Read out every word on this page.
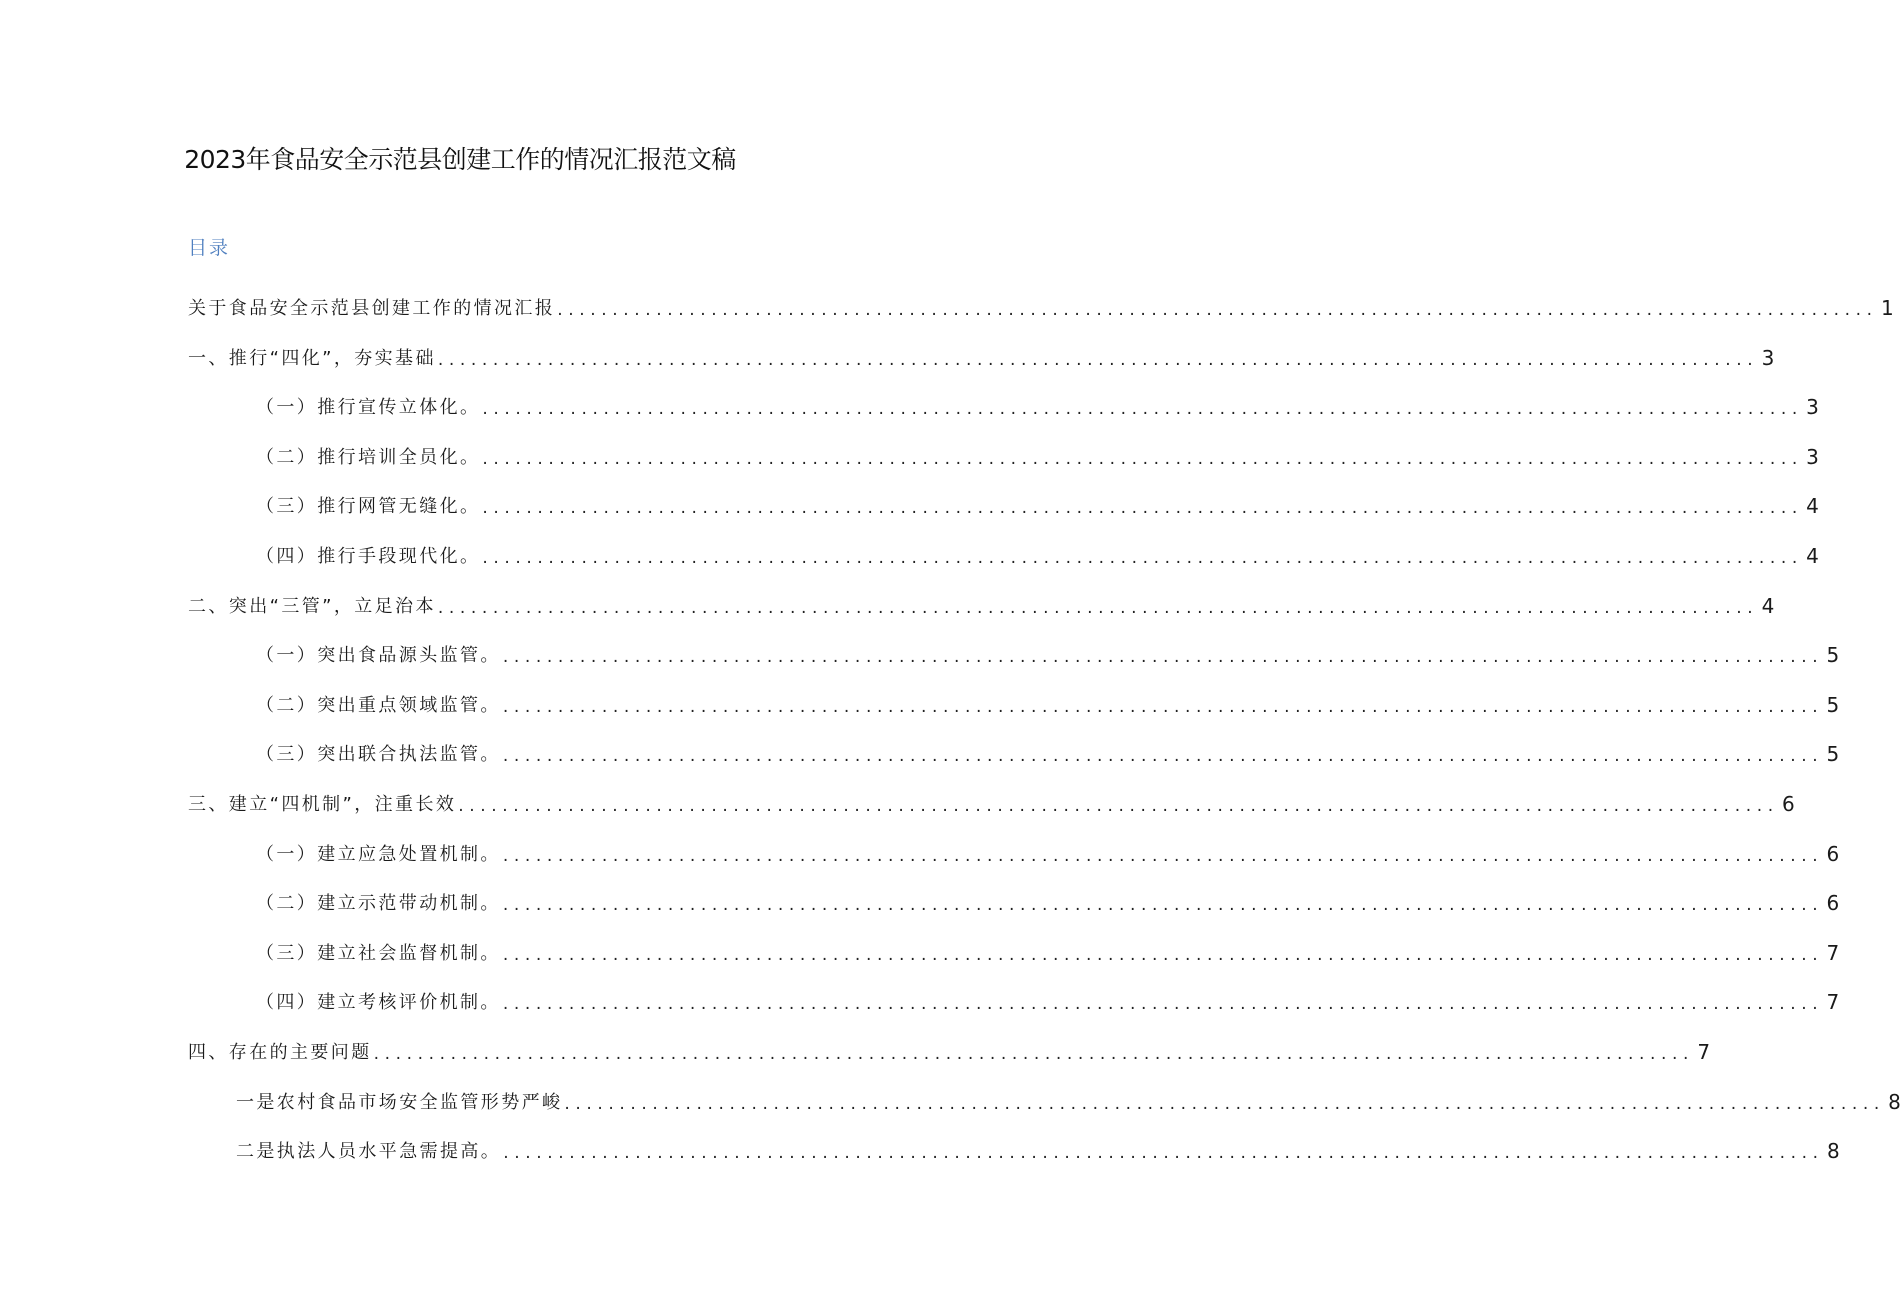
2023年食品安全示范县创建工作的情况汇报范文稿
目录
关于食品安全示范县创建工作的情况汇报 ........................................................................................................................ 1
一、推行“四化”，夯实基础 ........................................................................................................................ 3
（一）推行宣传立体化。 ........................................................................................................................ 3
（二）推行培训全员化。 ........................................................................................................................ 3
（三）推行网管无缝化。 ........................................................................................................................ 4
（四）推行手段现代化。 ........................................................................................................................ 4
二、突出“三管”，立足治本 ........................................................................................................................ 4
（一）突出食品源头监管。 ........................................................................................................................ 5
（二）突出重点领域监管。 ........................................................................................................................ 5
（三）突出联合执法监管。 ........................................................................................................................ 5
三、建立“四机制”，注重长效 ........................................................................................................................ 6
（一）建立应急处置机制。 ........................................................................................................................ 6
（二）建立示范带动机制。 ........................................................................................................................ 6
（三）建立社会监督机制。 ........................................................................................................................ 7
（四）建立考核评价机制。 ........................................................................................................................ 7
四、存在的主要问题 ........................................................................................................................ 7
一是农村食品市场安全监管形势严峻 ........................................................................................................................ 8
二是执法人员水平急需提高。 ........................................................................................................................ 8
